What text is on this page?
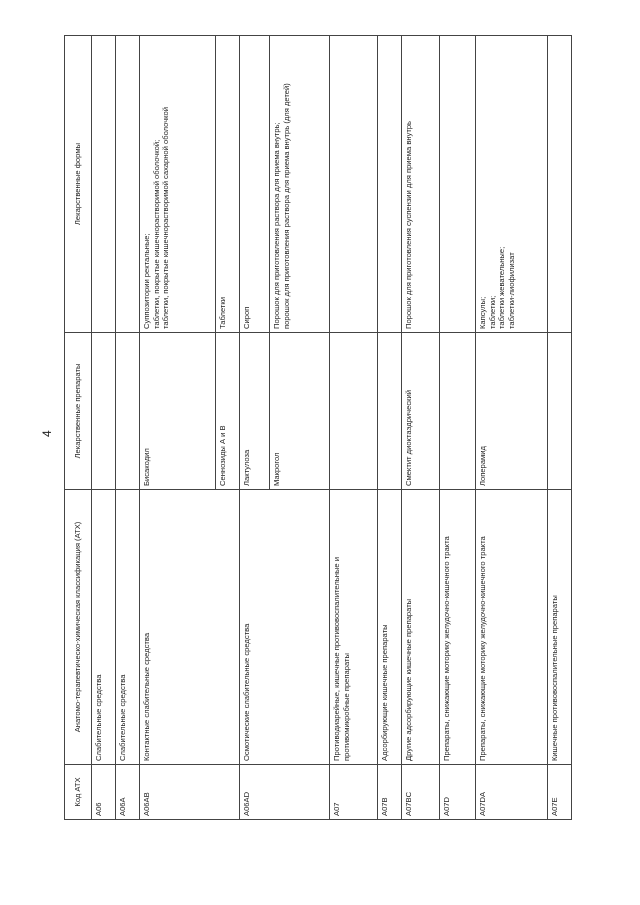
4
Код АТХ	Анатомо-терапевтическо-химическая классификация (АТХ)	Лекарственные препараты	Лекарственные формы
A06	Слабительные средства		
A06A	Слабительные средства		
A06AB	Контактные слабительные средства	Бисакодил	Суппозитории ректальные;
таблетки, покрытые кишечнорастворимой оболочкой;
таблетки, покрытые кишечнорастворимой сахарной оболочкой
		Сеннозиды А и В	Таблетки
A06AD	Осмотические слабительные средства	Лактулоза	Сироп
		Макрогол	Порошок для приготовления раствора для приема внутрь;
порошок для приготовления раствора для приема внутрь (для детей)
A07	Противодиарейные, кишечные противовоспалительные и противомикробные препараты		
A07B	Адсорбирующие кишечные препараты		
A07BC	Другие адсорбирующие кишечные препараты	Смектит диоктаэдрический	Порошок для приготовления суспензии для приема внутрь
A07D	Препараты, снижающие моторику желудочно-кишечного тракта		
A07DA	Препараты, снижающие моторику желудочно-кишечного тракта	Лоперамид	Капсулы;
таблетки;
таблетки жевательные;
таблетки-лиофилизат
A07E	Кишечные противовоспалительные препараты		
